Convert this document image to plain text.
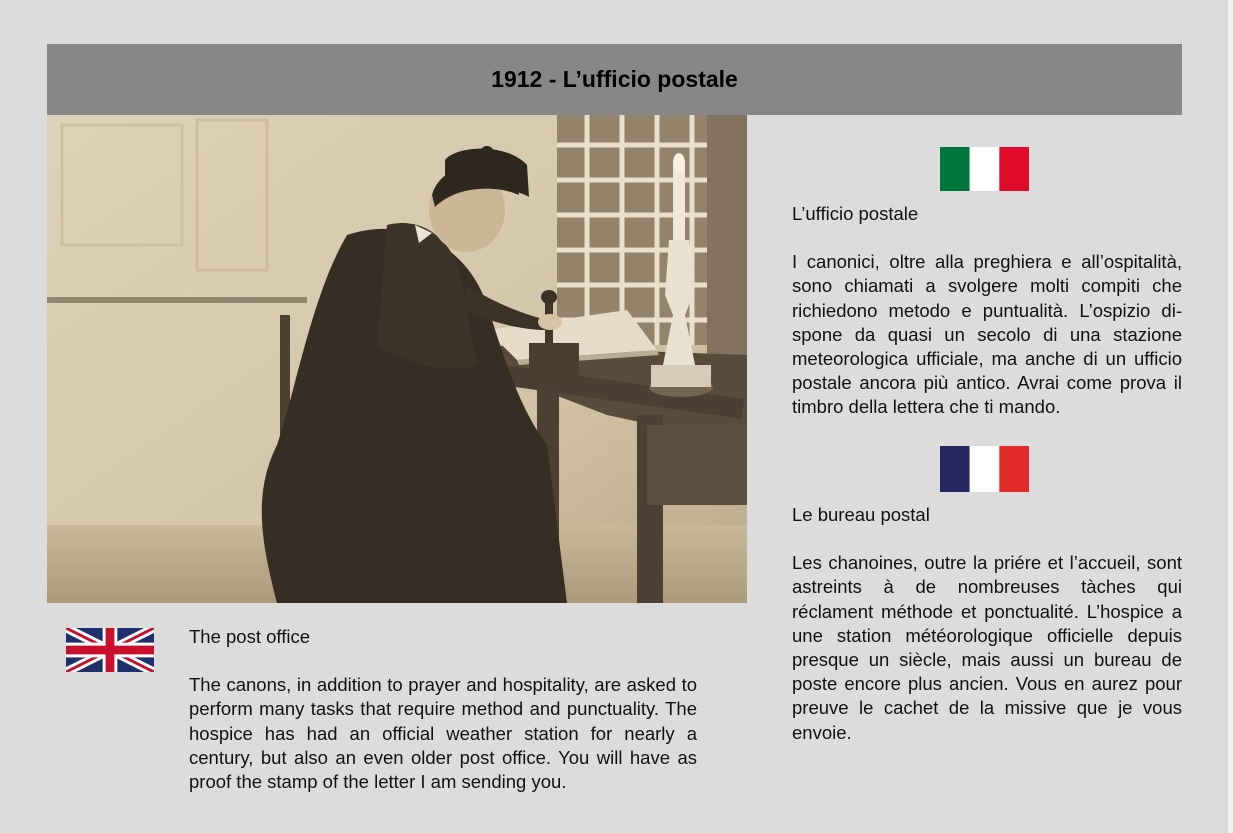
1912 - L’ufficio postale

The post office

The canons, in addition to prayer and hospitality, are asked to perform many tasks that require method and punctuality. The hospice has had an official weather station for nearly a century, but also an even older post office. You will have as proof the stamp of the letter I am sending you.

L’ufficio postale

I canonici, oltre alla preghiera e all’ospitalità, sono chiamati a svolgere molti compiti che richiedono metodo e puntualità. L’ospizio dispone da quasi un secolo di una stazione meteorologica ufficiale, ma anche di un ufficio postale ancora più antico. Avrai come prova il timbro della lettera che ti mando.

Le bureau postal

Les chanoines, outre la priére et l’accueil, sont astreints à de nombreuses tàches qui réclament méthode et ponctualité. L’hospice a une station météorologique officielle depuis presque un siècle, mais aussi un bureau de poste encore plus ancien. Vous en aurez pour preuve le cachet de la missive que je vous envoie.
